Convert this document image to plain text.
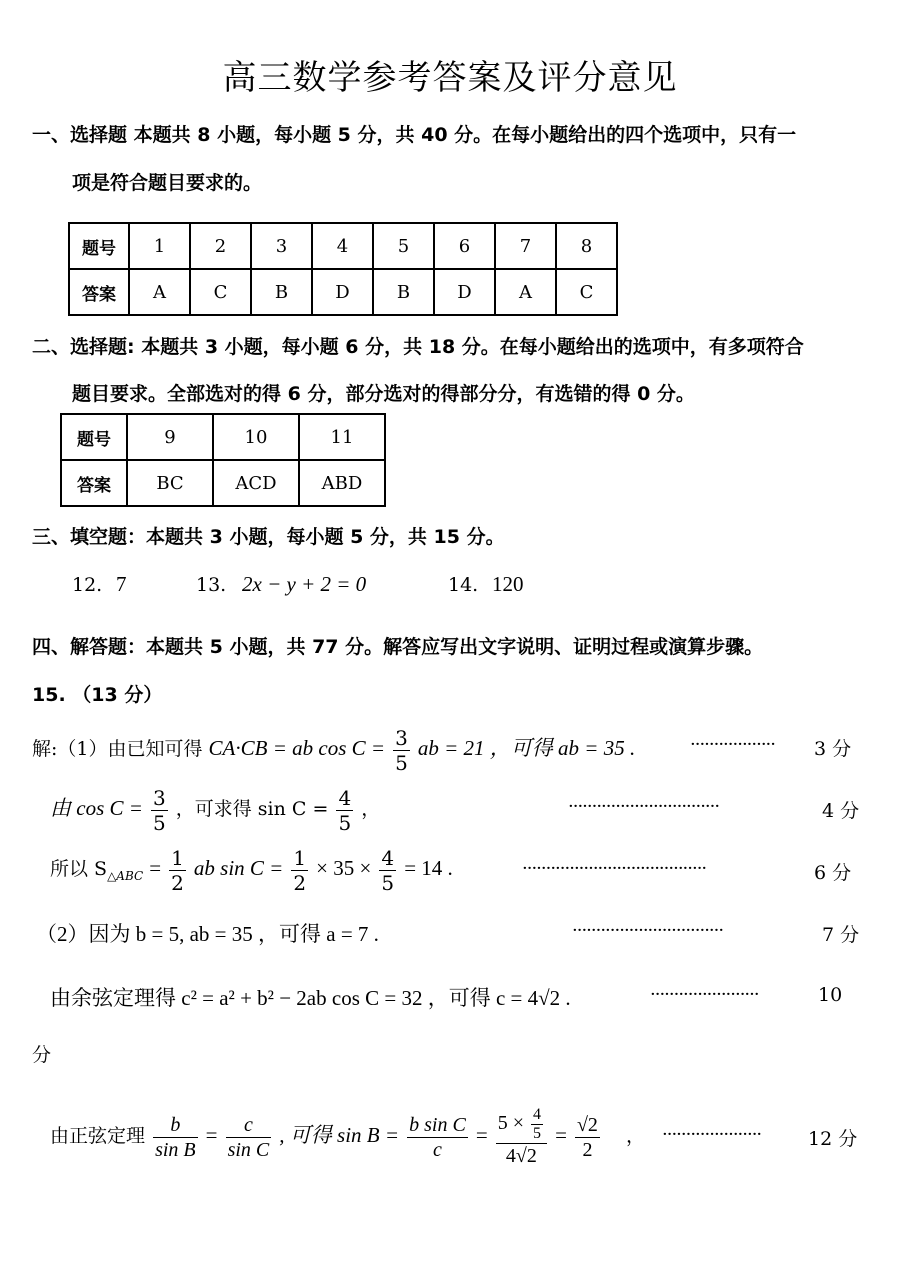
高三数学参考答案及评分意见
一、选择题 本题共 8 小题，每小题 5 分，共 40 分。在每小题给出的四个选项中，只有一
项是符合题目要求的。
题号	1	2	3	4	5	6	7	8
答案	A	C	B	D	B	D	A	C
二、选择题: 本题共 3 小题，每小题 6 分，共 18 分。在每小题给出的选项中，有多项符合
题目要求。全部选对的得 6 分，部分选对的得部分分，有选错的得 0 分。
题号	9	10	11
答案	BC	ACD	ABD
三、填空题：本题共 3 小题，每小题 5 分，共 15 分。
12. 7	13. 2x − y + 2 = 0	14. 120
四、解答题：本题共 5 小题，共 77 分。解答应写出文字说明、证明过程或演算步骤。
15. （13 分）
解:（1）由已知可得 CA·CB = ab $\cos C = \frac{3}{5}$ ab = 21 ，可得 ab = 35 .	·················· 3 分
由 $\cos C = \frac{3}{5}$ ，可求得 $\sin C = \frac{4}{5}$ ，	································	4 分
所以 $S_{\triangle ABC} = \frac{1}{2}$ ab $\sin C = \frac{1}{2} \times 35 \times \frac{4}{5} = 14$ .	·······································	6 分
（2）因为 b = 5, ab = 35 ，可得 a = 7 .	································	7 分
由余弦定理得 c² = a² + b² − 2ab cos C = 32 ，可得 c = 4√2 .	·······················	10
分
由正弦定理 $\frac{b}{\text{sin B}} = \frac{c}{\text{sin C}}$ , 可得 $\sin B = \frac{\text{b sin C}}{c} = \frac{5 \times \frac{4}{5}}{4√2} = \frac{√2}{2}$ ， ····················· 12 分
